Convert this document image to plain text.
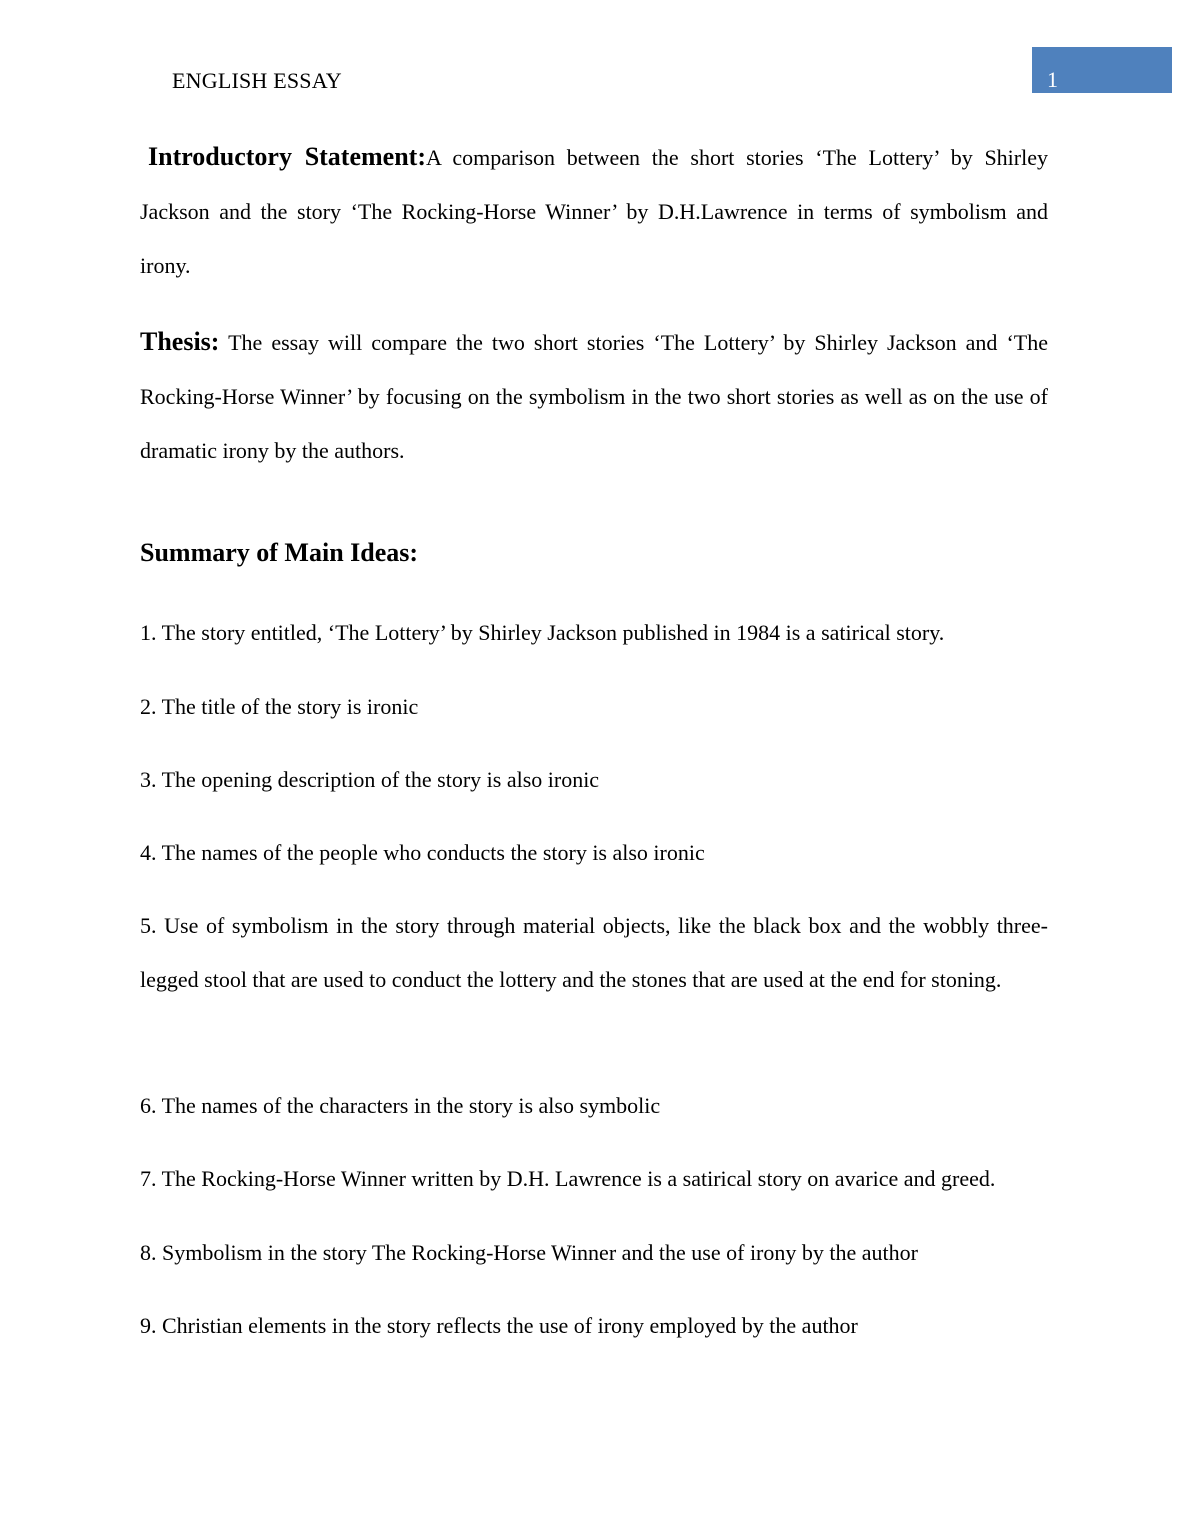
ENGLISH ESSAY	1

Introductory Statement:A comparison between the short stories ‘The Lottery’ by Shirley Jackson and the story ‘The Rocking-Horse Winner’ by D.H.Lawrence in terms of symbolism and irony.

Thesis: The essay will compare the two short stories ‘The Lottery’ by Shirley Jackson and ‘The Rocking-Horse Winner’ by focusing on the symbolism in the two short stories as well as on the use of dramatic irony by the authors.

Summary of Main Ideas:

1. The story entitled, ‘The Lottery’ by Shirley Jackson published in 1984 is a satirical story.

2. The title of the story is ironic

3. The opening description of the story is also ironic

4. The names of the people who conducts the story is also ironic

5. Use of symbolism in the story through material objects, like the black box and the wobbly three-legged stool that are used to conduct the lottery and the stones that are used at the end for stoning.

6. The names of the characters in the story is also symbolic

7. The Rocking-Horse Winner written by D.H. Lawrence is a satirical story on avarice and greed.

8. Symbolism in the story The Rocking-Horse Winner and the use of irony by the author

9. Christian elements in the story reflects the use of irony employed by the author
